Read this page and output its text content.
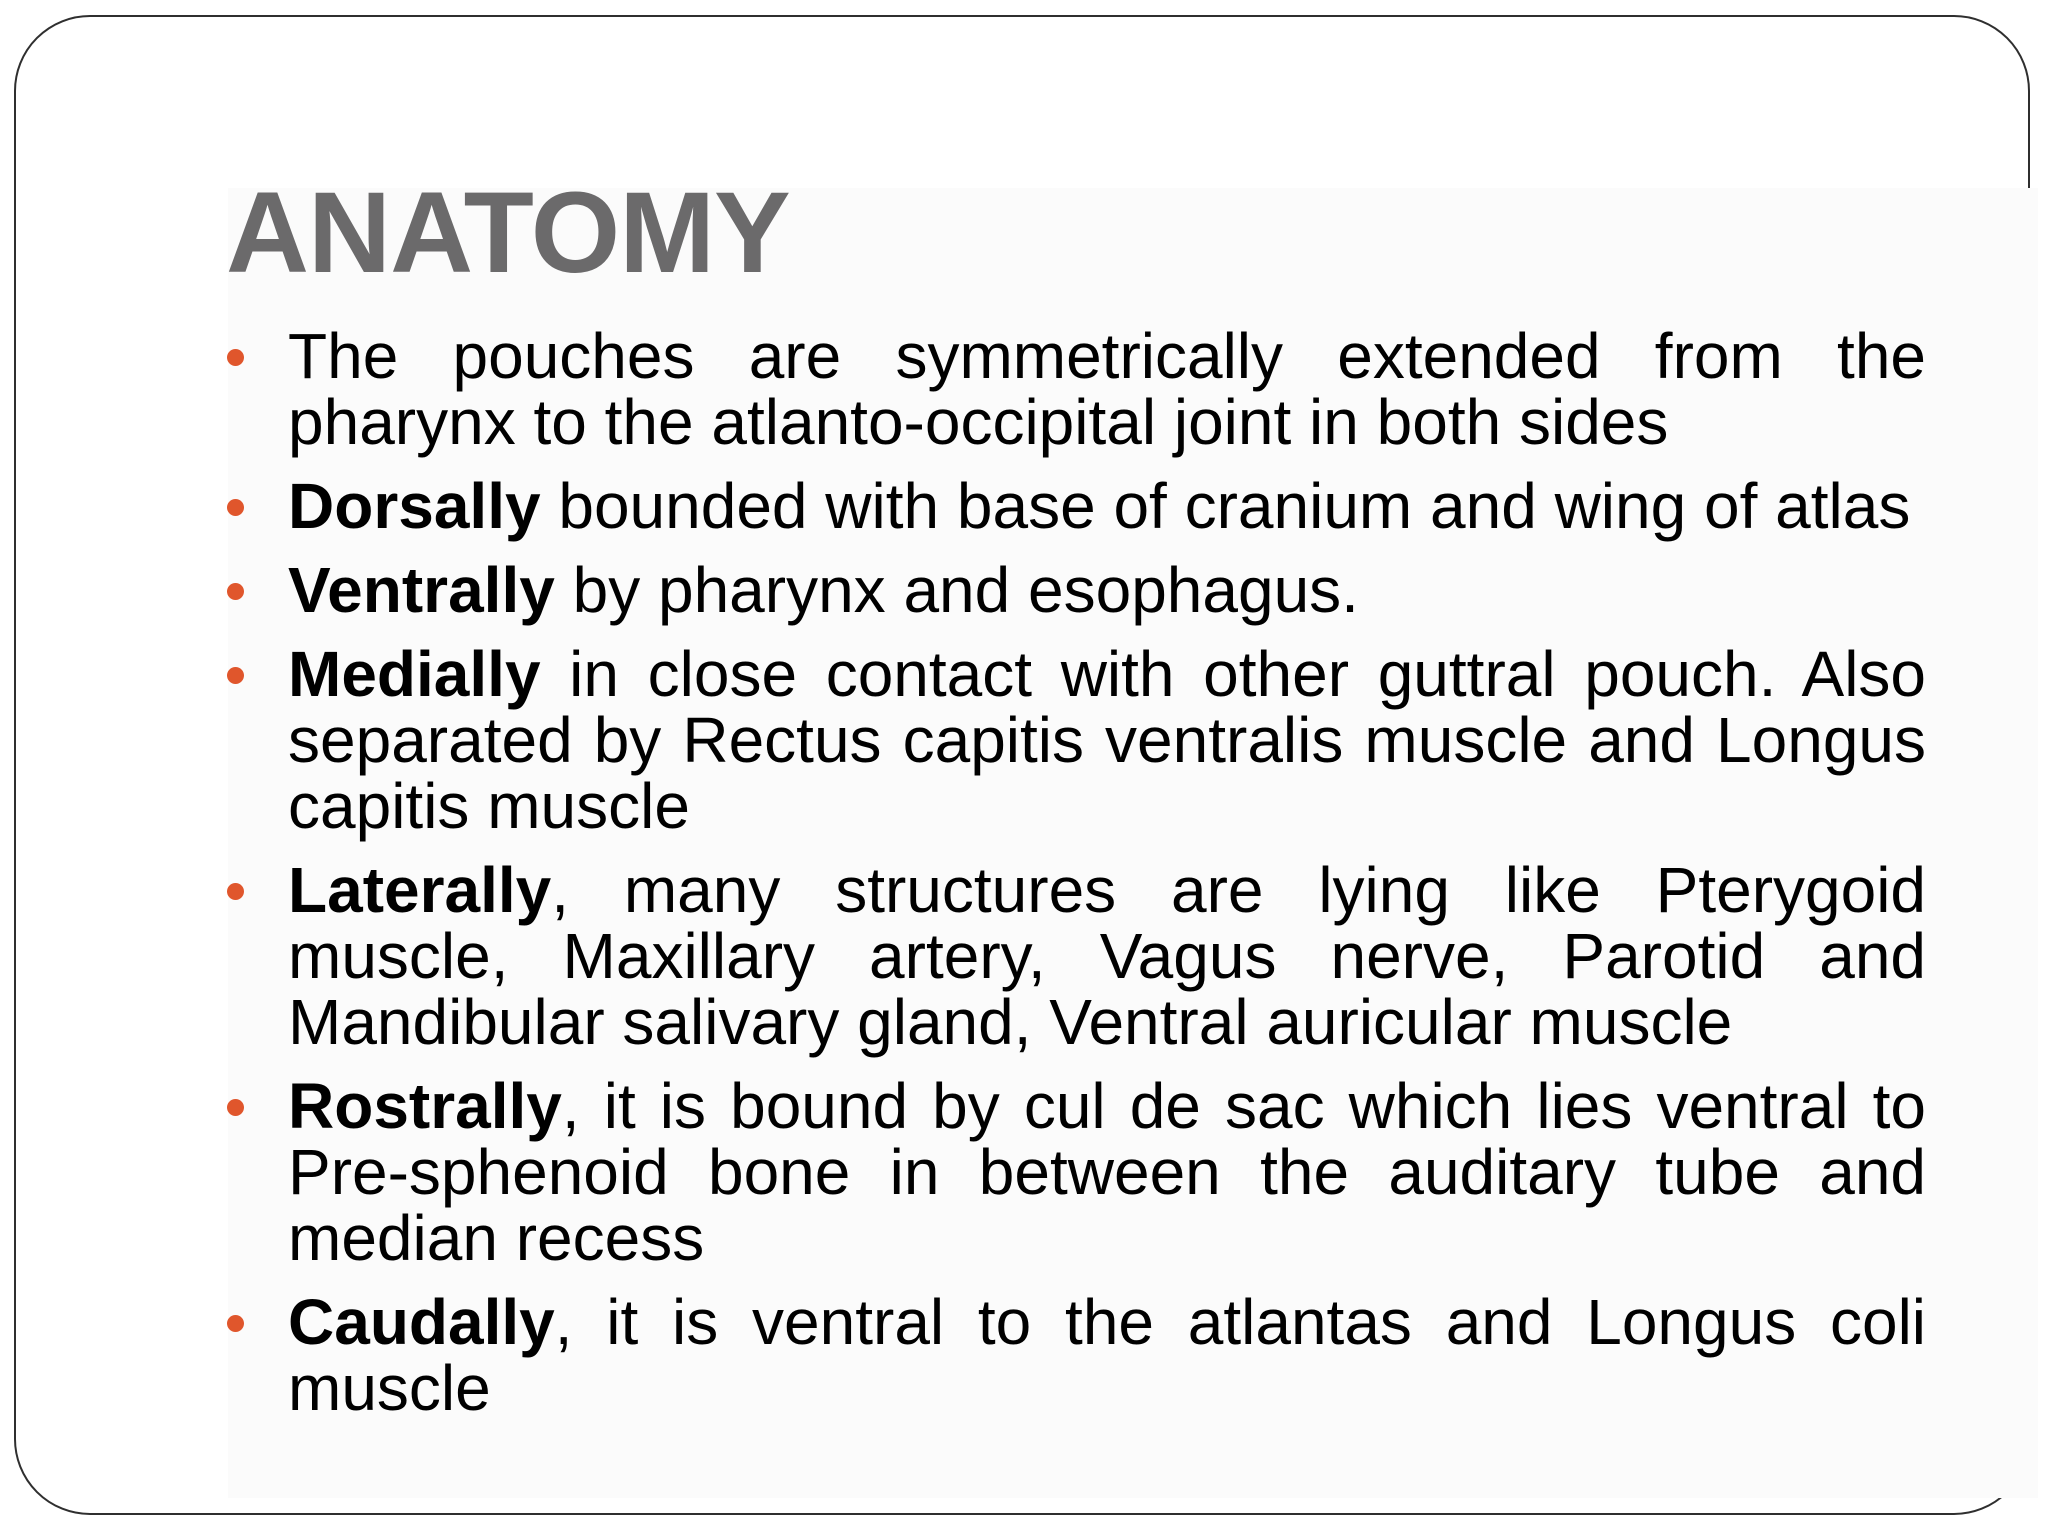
ANATOMY
The pouches are symmetrically extended from the pharynx to the atlanto-occipital joint in both sides
Dorsally bounded with base of cranium and wing of atlas
Ventrally by pharynx and esophagus.
Medially in close contact with other guttral pouch. Also separated by Rectus capitis ventralis muscle and Longus capitis muscle
Laterally, many structures are lying like Pterygoid muscle, Maxillary artery, Vagus nerve, Parotid and Mandibular salivary gland, Ventral auricular muscle
Rostrally, it is bound by cul de sac which lies ventral to Pre-sphenoid bone in between the auditary tube and median recess
Caudally, it is ventral to the atlantas and Longus coli muscle
